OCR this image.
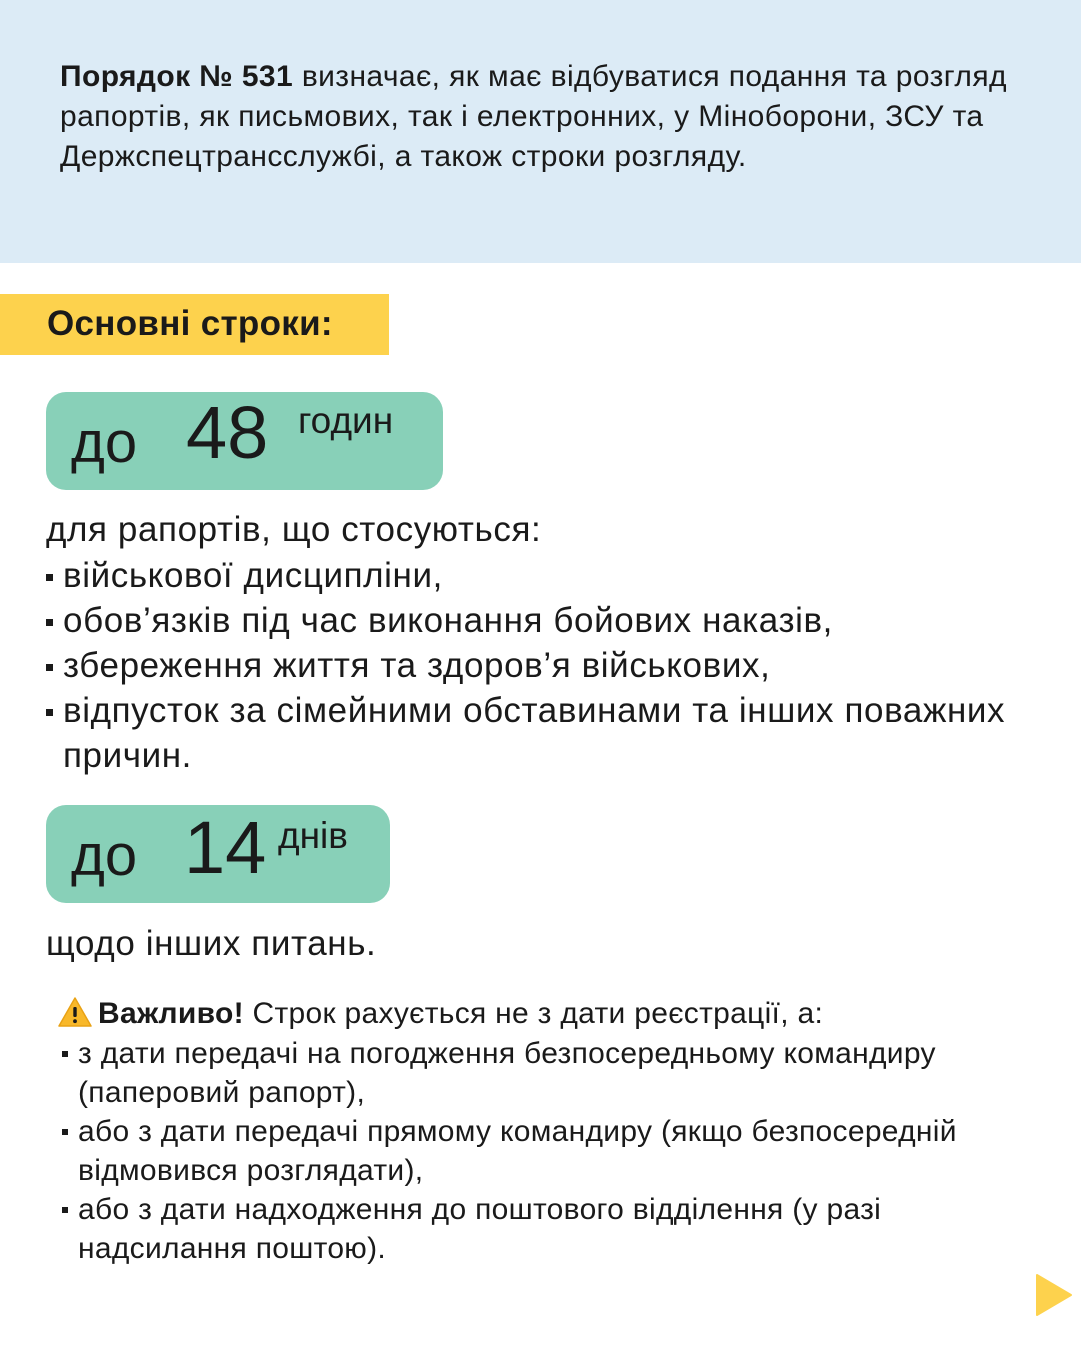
Порядок № 531 визначає, як має відбуватися подання та розгляд рапортів, як письмових, так і електронних, у Міноборони, ЗСУ та Держспецтрансслужбі, а також строки розгляду.

Основні строки:
до 48 годин

для рапортів, що стосуються:

військової дисципліни,
обов’язків під час виконання бойових наказів,
збереження життя та здоров’я військових,
відпусток за сімейними обставинами та інших поважних причин.
до 14 днів

щодо інших питань.

Важливо! Строк рахується не з дати реєстрації, а:

з дати передачі на погодження безпосередньому командиру (паперовий рапорт),
або з дати передачі прямому командиру (якщо безпосередній відмовився розглядати),
або з дати надходження до поштового відділення (у разі надсилання поштою).
